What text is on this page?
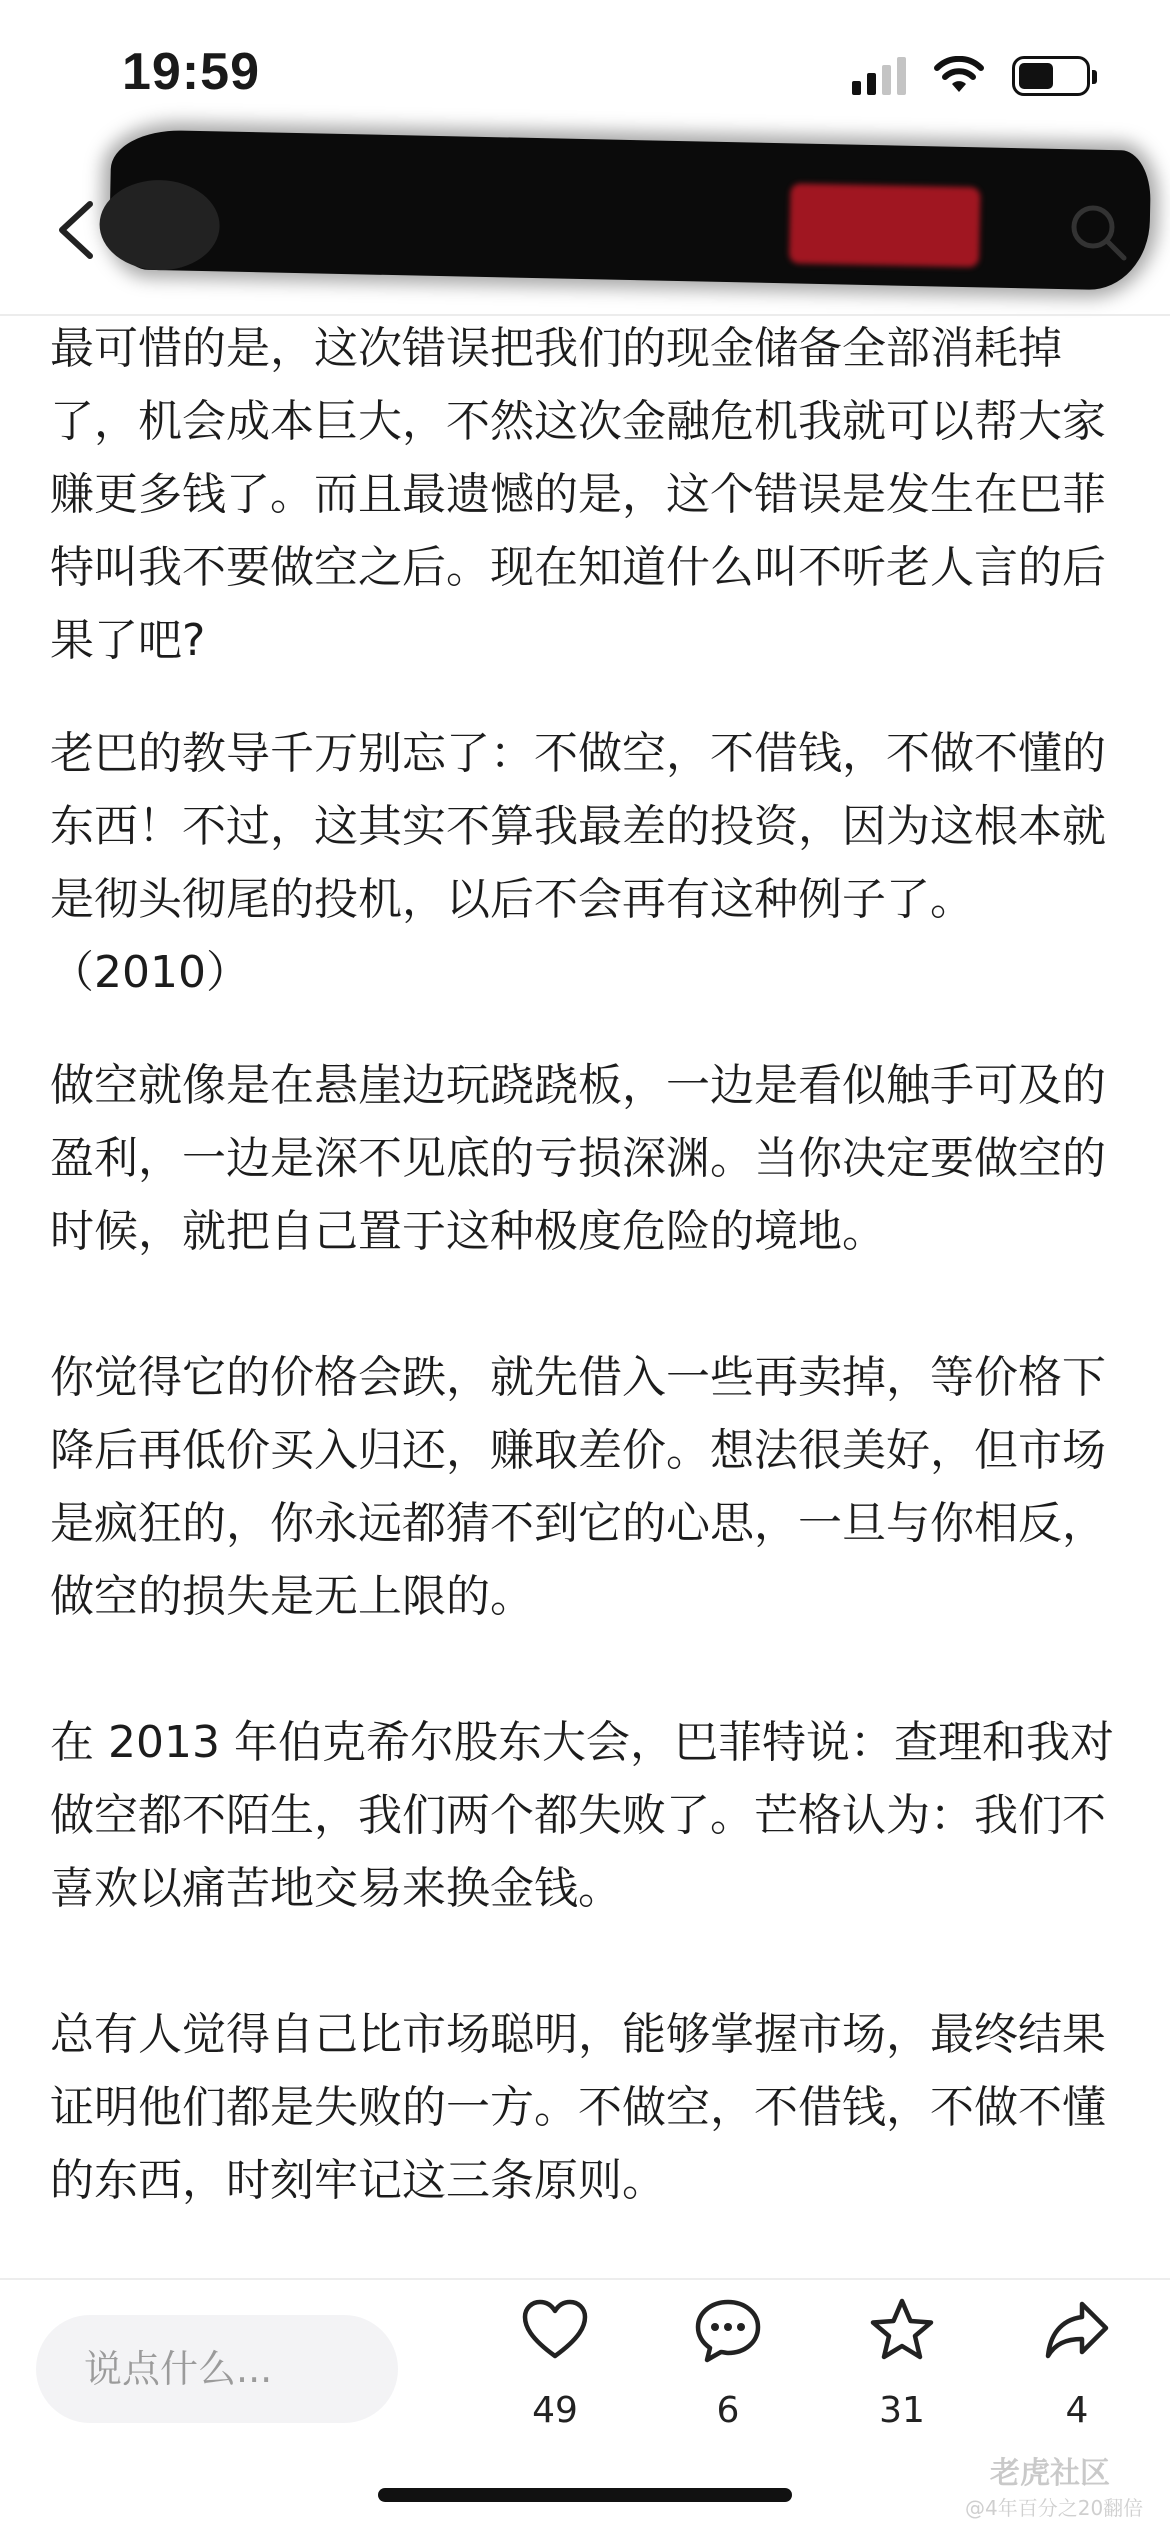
19:59

最可惜的是，这次错误把我们的现金储备全部消耗掉了，机会成本巨大，不然这次金融危机我就可以帮大家赚更多钱了。而且最遗憾的是，这个错误是发生在巴菲特叫我不要做空之后。现在知道什么叫不听老人言的后果了吧?

老巴的教导千万别忘了：不做空，不借钱，不做不懂的东西！不过，这其实不算我最差的投资，因为这根本就是彻头彻尾的投机，以后不会再有这种例子了。（2010）

做空就像是在悬崖边玩跷跷板，一边是看似触手可及的盈利，一边是深不见底的亏损深渊。当你决定要做空的时候，就把自己置于这种极度危险的境地。

你觉得它的价格会跌，就先借入一些再卖掉，等价格下降后再低价买入归还，赚取差价。想法很美好，但市场是疯狂的，你永远都猜不到它的心思，一旦与你相反，做空的损失是无上限的。

在 2013 年伯克希尔股东大会，巴菲特说：查理和我对做空都不陌生，我们两个都失败了。芒格认为：我们不喜欢以痛苦地交易来换金钱。

总有人觉得自己比市场聪明，能够掌握市场，最终结果证明他们都是失败的一方。不做空，不借钱，不做不懂的东西，时刻牢记这三条原则。

说点什么...
49	6	31	4
老虎社区
@4年百分之20翻倍
